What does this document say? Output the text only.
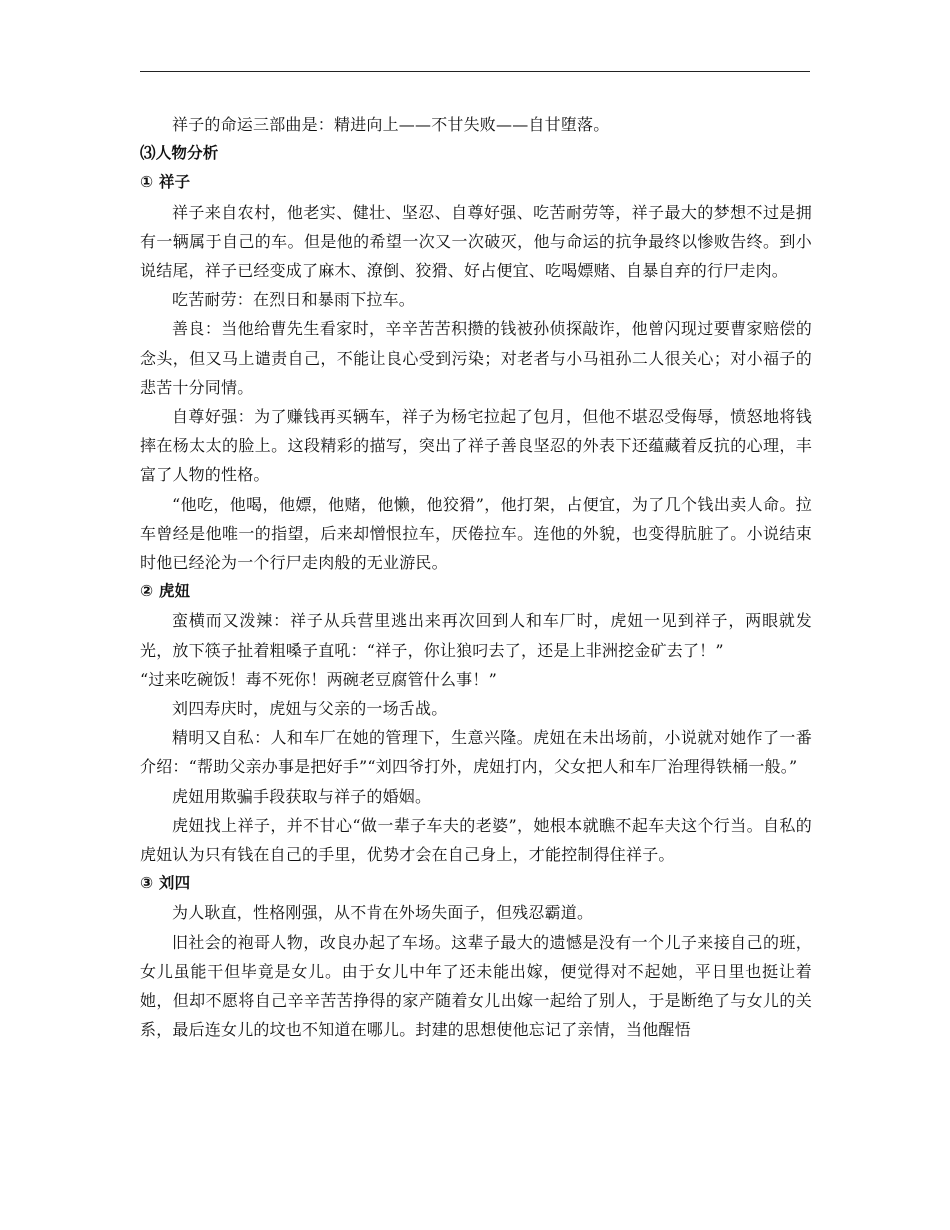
祥子的命运三部曲是：精进向上——不甘失败——自甘堕落。

⑶人物分析

① 祥子

祥子来自农村，他老实、健壮、坚忍、自尊好强、吃苦耐劳等，祥子最大的梦想不过是拥有一辆属于自己的车。但是他的希望一次又一次破灭，他与命运的抗争最终以惨败告终。到小说结尾，祥子已经变成了麻木、潦倒、狡猾、好占便宜、吃喝嫖赌、自暴自弃的行尸走肉。

吃苦耐劳：在烈日和暴雨下拉车。

善良：当他给曹先生看家时，辛辛苦苦积攒的钱被孙侦探敲诈，他曾闪现过要曹家赔偿的念头，但又马上谴责自己，不能让良心受到污染；对老者与小马祖孙二人很关心；对小福子的悲苦十分同情。

自尊好强：为了赚钱再买辆车，祥子为杨宅拉起了包月，但他不堪忍受侮辱，愤怒地将钱摔在杨太太的脸上。这段精彩的描写，突出了祥子善良坚忍的外表下还蕴藏着反抗的心理，丰富了人物的性格。

“他吃，他喝，他嫖，他赌，他懒，他狡猾”，他打架，占便宜，为了几个钱出卖人命。拉车曾经是他唯一的指望，后来却憎恨拉车，厌倦拉车。连他的外貌，也变得肮脏了。小说结束时他已经沦为一个行尸走肉般的无业游民。

② 虎妞

蛮横而又泼辣：祥子从兵营里逃出来再次回到人和车厂时，虎妞一见到祥子，两眼就发光，放下筷子扯着粗嗓子直吼：“祥子，你让狼叼去了，还是上非洲挖金矿去了！”

“过来吃碗饭！毒不死你！两碗老豆腐管什么事！”

刘四寿庆时，虎妞与父亲的一场舌战。

精明又自私：人和车厂在她的管理下，生意兴隆。虎妞在未出场前，小说就对她作了一番介绍：“帮助父亲办事是把好手”“刘四爷打外，虎妞打内，父女把人和车厂治理得铁桶一般。”

虎妞用欺骗手段获取与祥子的婚姻。

虎妞找上祥子，并不甘心“做一辈子车夫的老婆”，她根本就瞧不起车夫这个行当。自私的虎妞认为只有钱在自己的手里，优势才会在自己身上，才能控制得住祥子。

③ 刘四

为人耿直，性格刚强，从不肯在外场失面子，但残忍霸道。

旧社会的袍哥人物，改良办起了车场。这辈子最大的遗憾是没有一个儿子来接自己的班，女儿虽能干但毕竟是女儿。由于女儿中年了还未能出嫁，便觉得对不起她，平日里也挺让着她，但却不愿将自己辛辛苦苦挣得的家产随着女儿出嫁一起给了别人，于是断绝了与女儿的关系，最后连女儿的坟也不知道在哪儿。封建的思想使他忘记了亲情，当他醒悟
